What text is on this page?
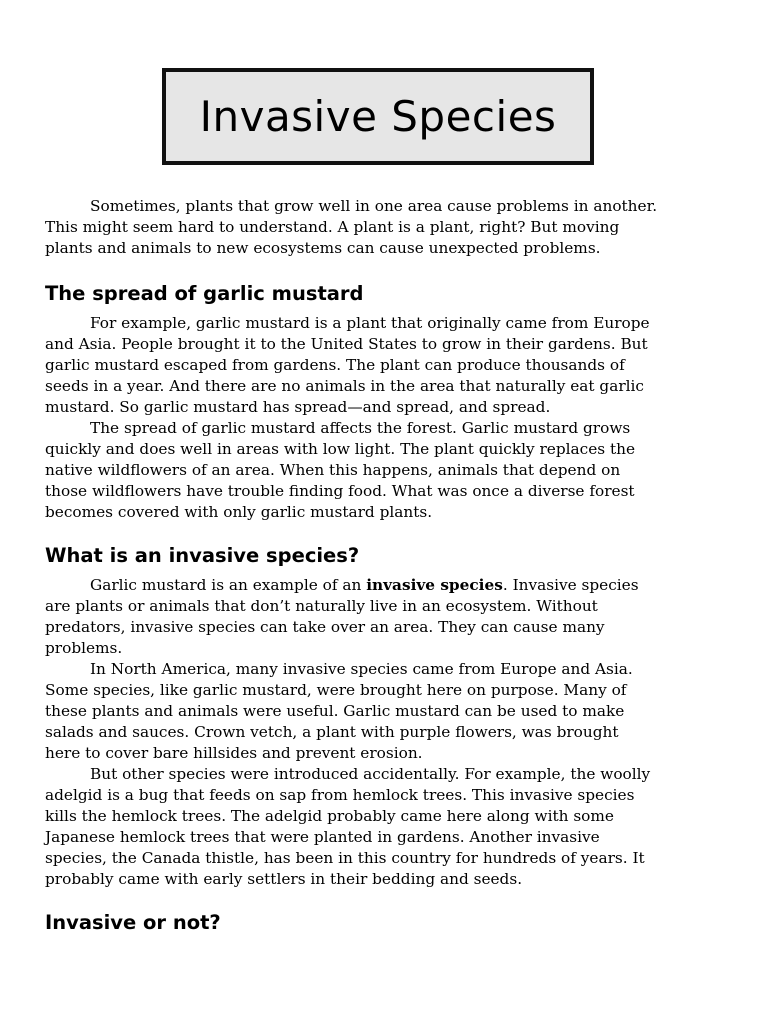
Invasive Species

Sometimes, plants that grow well in one area cause problems in another.
This might seem hard to understand. A plant is a plant, right? But moving
plants and animals to new ecosystems can cause unexpected problems.

The spread of garlic mustard

For example, garlic mustard is a plant that originally came from Europe
and Asia. People brought it to the United States to grow in their gardens. But
garlic mustard escaped from gardens. The plant can produce thousands of
seeds in a year. And there are no animals in the area that naturally eat garlic
mustard. So garlic mustard has spread—and spread, and spread.

The spread of garlic mustard affects the forest. Garlic mustard grows
quickly and does well in areas with low light. The plant quickly replaces the
native wildflowers of an area. When this happens, animals that depend on
those wildflowers have trouble finding food. What was once a diverse forest
becomes covered with only garlic mustard plants.

What is an invasive species?

Garlic mustard is an example of an invasive species. Invasive species
are plants or animals that don’t naturally live in an ecosystem. Without
predators, invasive species can take over an area. They can cause many
problems.

In North America, many invasive species came from Europe and Asia.
Some species, like garlic mustard, were brought here on purpose. Many of
these plants and animals were useful. Garlic mustard can be used to make
salads and sauces. Crown vetch, a plant with purple flowers, was brought
here to cover bare hillsides and prevent erosion.

But other species were introduced accidentally. For example, the woolly
adelgid is a bug that feeds on sap from hemlock trees. This invasive species
kills the hemlock trees. The adelgid probably came here along with some
Japanese hemlock trees that were planted in gardens. Another invasive
species, the Canada thistle, has been in this country for hundreds of years. It
probably came with early settlers in their bedding and seeds.

Invasive or not?
